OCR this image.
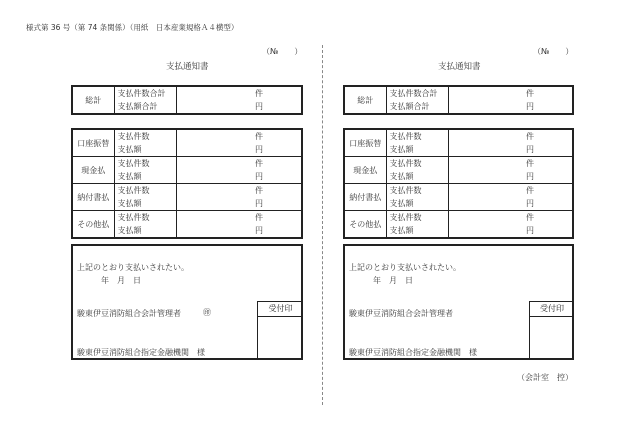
様式第 36 号（第 74 条関係）（用紙　日本産業規格Ａ４横型）
（№　　）
支払通知書
総計	支払件数合計	件
	支払額合計	円
口座振替	支払件数	件
	支払額	円
現金払	支払件数	件
	支払額	円
納付書払	支払件数	件
	支払額	円
その他払	支払件数	件
	支払額	円
上記のとおり支払いされたい。
年　月　日
駿東伊豆消防組合会計管理者	㊞
駿東伊豆消防組合指定金融機関　様
受付印
（№　　）
支払通知書
総計	支払件数合計	件
	支払額合計	円
口座振替	支払件数	件
	支払額	円
現金払	支払件数	件
	支払額	円
納付書払	支払件数	件
	支払額	円
その他払	支払件数	件
	支払額	円
上記のとおり支払いされたい。
年　月　日
駿東伊豆消防組合会計管理者
駿東伊豆消防組合指定金融機関　様
受付印
（会計室　控）
